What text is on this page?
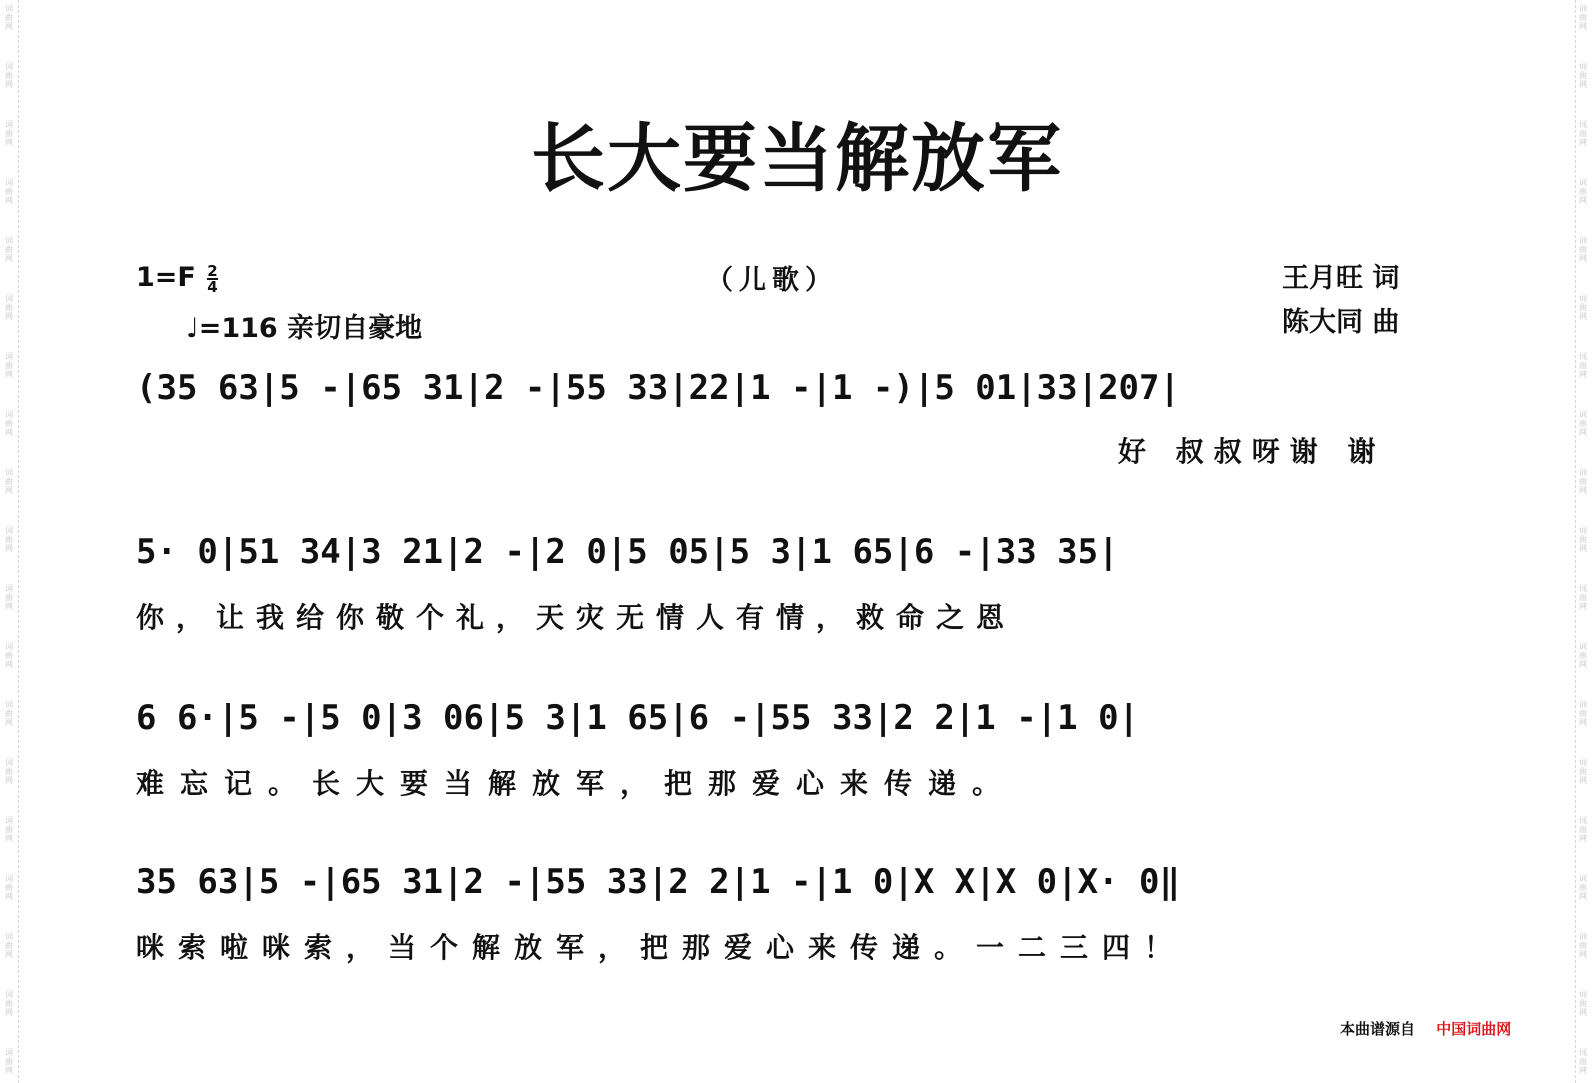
词
曲
网
词
曲
网
词
曲
网
词
曲
网
词
曲
网
词
曲
网
词
曲
网
词
曲
网
词
曲
网
词
曲
网
词
曲
网
词
曲
网
词
曲
网
词
曲
网
词
曲
网
词
曲
网
词
曲
网
词
曲
网
词
曲
网
词
曲
网
词
曲
网
词
曲
网
词
曲
网
词
曲
网
词
曲
网
词
曲
网
词
曲
网
词
曲
网
词
曲
网
词
曲
网
词
曲
网
词
曲
网
词
曲
网
词
曲
网
词
曲
网
词
曲
网
词
曲
网
词
曲
网
长大要当解放军
$1=F \frac{2}{4}$
♩=116 亲切自豪地
（儿歌）	王月旺 词
陈大同 曲
(35 63|5 -|65 31|2 -|55 33|22|1 -|1 -)|5 01|33|207|
好 叔叔呀谢 谢
5· 0|51 34|3 21|2 -|2 0|5 05|5 3|1 65|6 -|33 35|
你，让我给你敬个礼，天灾无情人有情，救命之恩
6 6·|5 -|5 0|3 06|5 3|1 65|6 -|55 33|2 2|1 -|1 0|
难忘记。长大要当解放军，把那爱心来传递。
35 63|5 -|65 31|2 -|55 33|2 2|1 -|1 0|X X|X 0|X· 0‖
咪索啦咪索，当个解放军，把那爱心来传递。一二三四！
本曲谱源自 中国词曲网
